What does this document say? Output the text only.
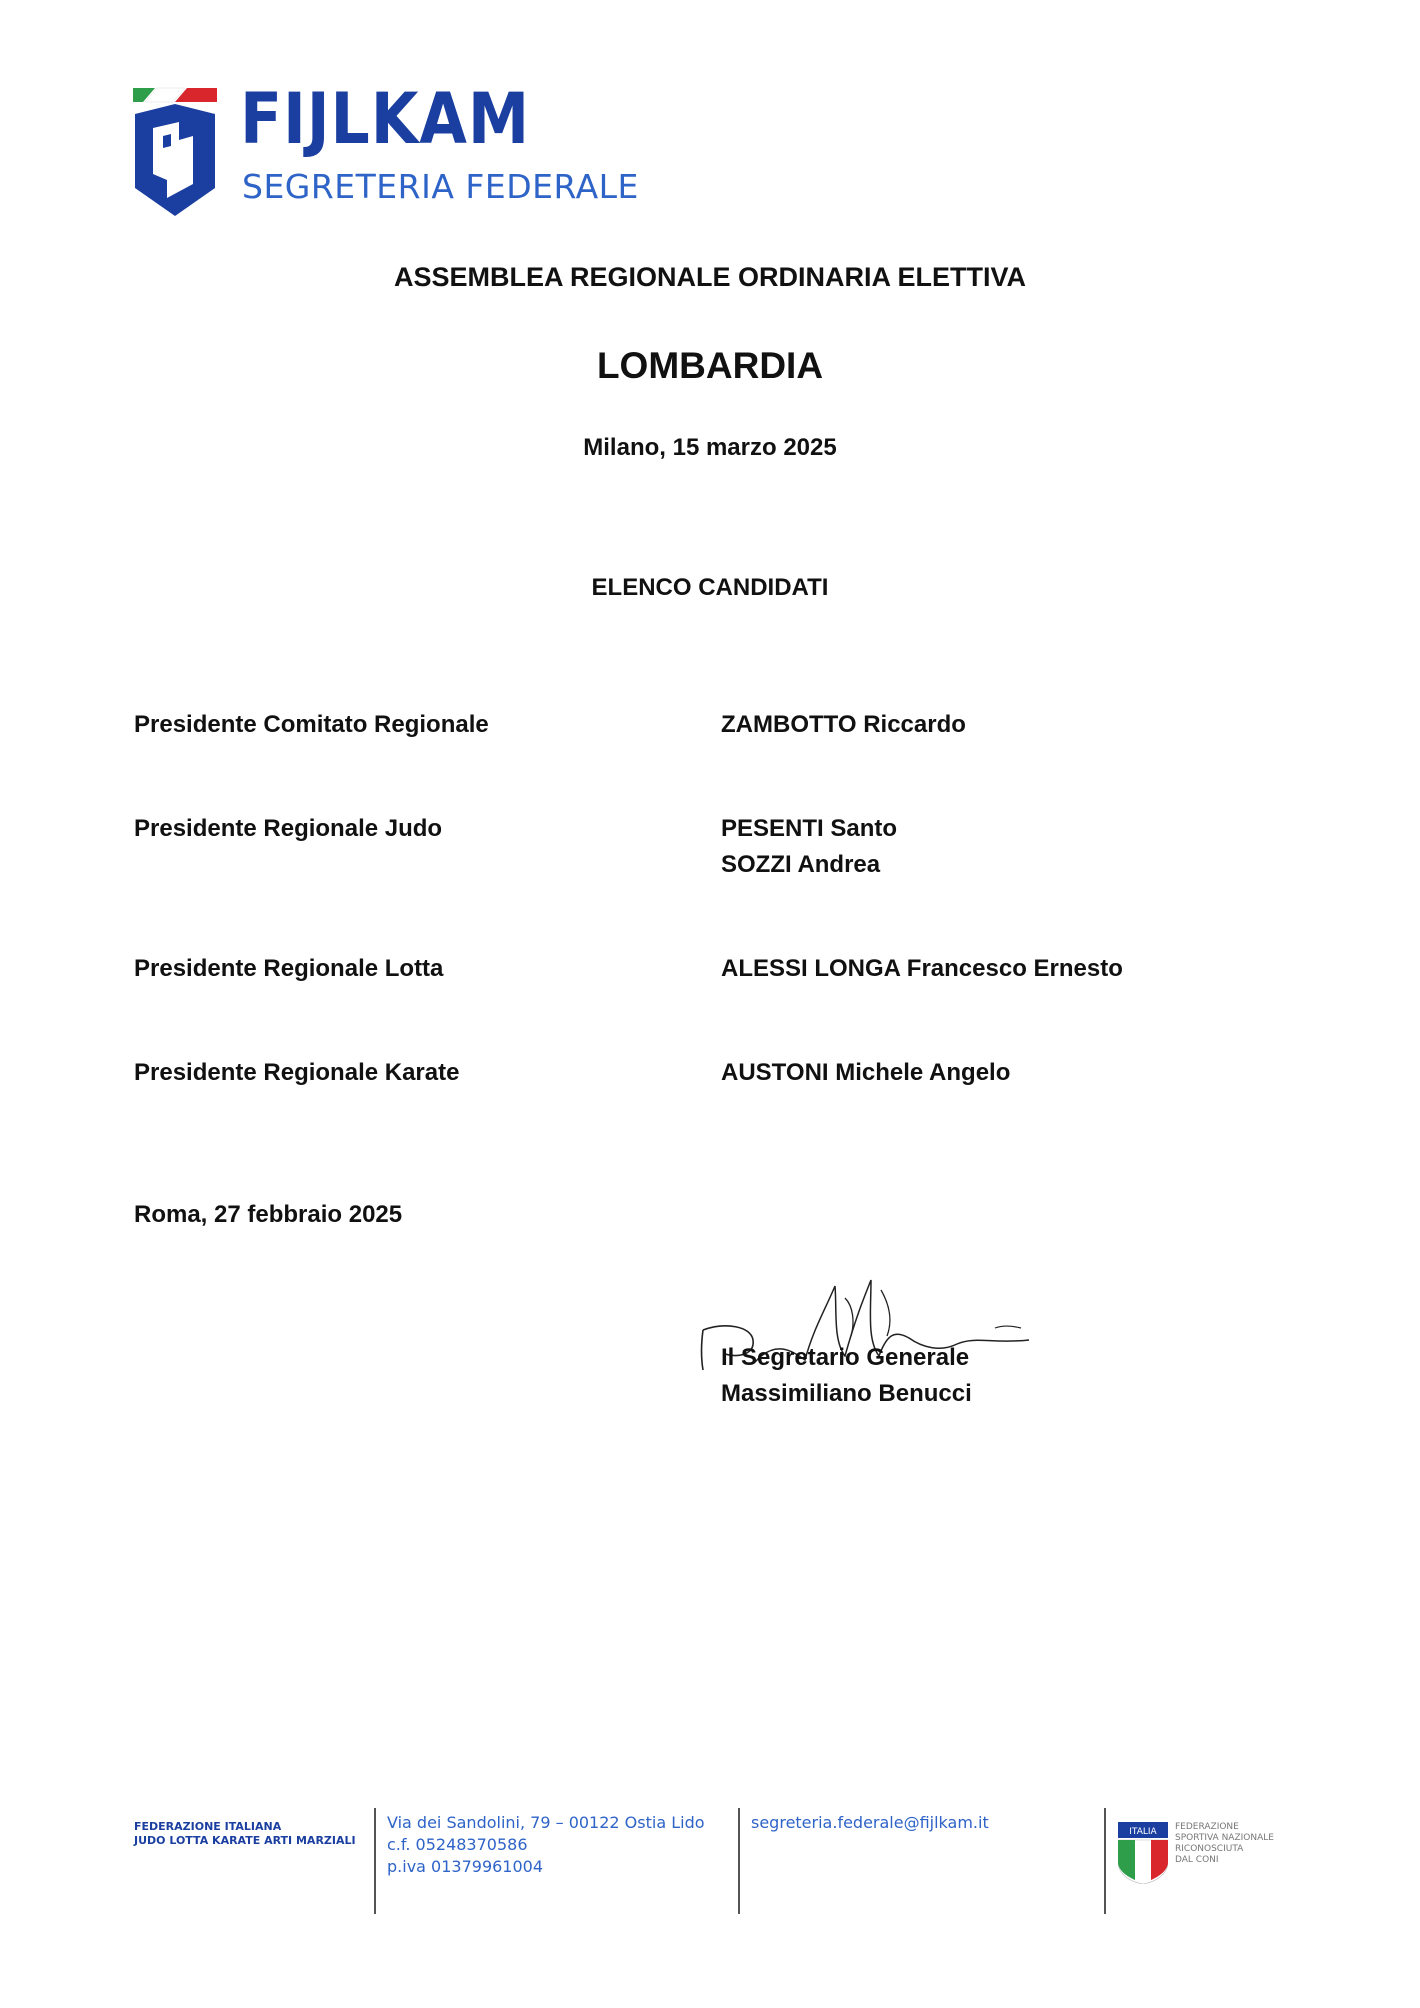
FIJLKAM
SEGRETERIA FEDERALE
ASSEMBLEA REGIONALE ORDINARIA ELETTIVA
LOMBARDIA
Milano, 15 marzo 2025
ELENCO CANDIDATI
Presidente Comitato Regionale	ZAMBOTTO Riccardo
Presidente Regionale Judo	PESENTI Santo
SOZZI Andrea
Presidente Regionale Lotta	ALESSI LONGA Francesco Ernesto
Presidente Regionale Karate	AUSTONI Michele Angelo
Roma, 27 febbraio 2025
Il Segretario Generale
Massimiliano Benucci
FEDERAZIONE ITALIANA
JUDO LOTTA KARATE ARTI MARZIALI
Via dei Sandolini, 79 – 00122 Ostia Lido
c.f. 05248370586
p.iva 01379961004
segreteria.federale@fijlkam.it	ITALIA FEDERAZIONE
SPORTIVA NAZIONALE
RICONOSCIUTA
DAL CONI
